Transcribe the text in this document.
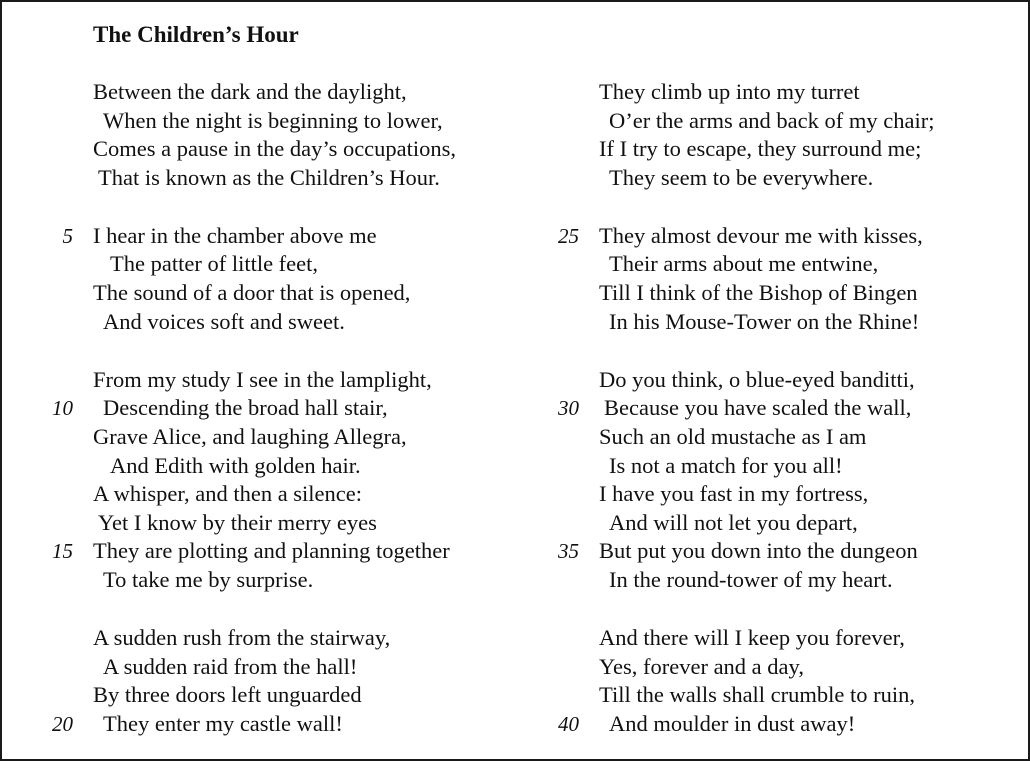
The Children’s Hour
Between the dark and the daylight,
When the night is beginning to lower,
Comes a pause in the day’s occupations,
That is known as the Children’s Hour.
5 I hear in the chamber above me
The patter of little feet,
The sound of a door that is opened,
And voices soft and sweet.
From my study I see in the lamplight,
10 Descending the broad hall stair,
Grave Alice, and laughing Allegra,
And Edith with golden hair.
A whisper, and then a silence:
Yet I know by their merry eyes
15 They are plotting and planning together
To take me by surprise.
A sudden rush from the stairway,
A sudden raid from the hall!
By three doors left unguarded
20 They enter my castle wall!
They climb up into my turret
O’er the arms and back of my chair;
If I try to escape, they surround me;
They seem to be everywhere.
25 They almost devour me with kisses,
Their arms about me entwine,
Till I think of the Bishop of Bingen
In his Mouse-Tower on the Rhine!
Do you think, o blue-eyed banditti,
30 Because you have scaled the wall,
Such an old mustache as I am
Is not a match for you all!
I have you fast in my fortress,
And will not let you depart,
35 But put you down into the dungeon
In the round-tower of my heart.
And there will I keep you forever,
Yes, forever and a day,
Till the walls shall crumble to ruin,
40 And moulder in dust away!
